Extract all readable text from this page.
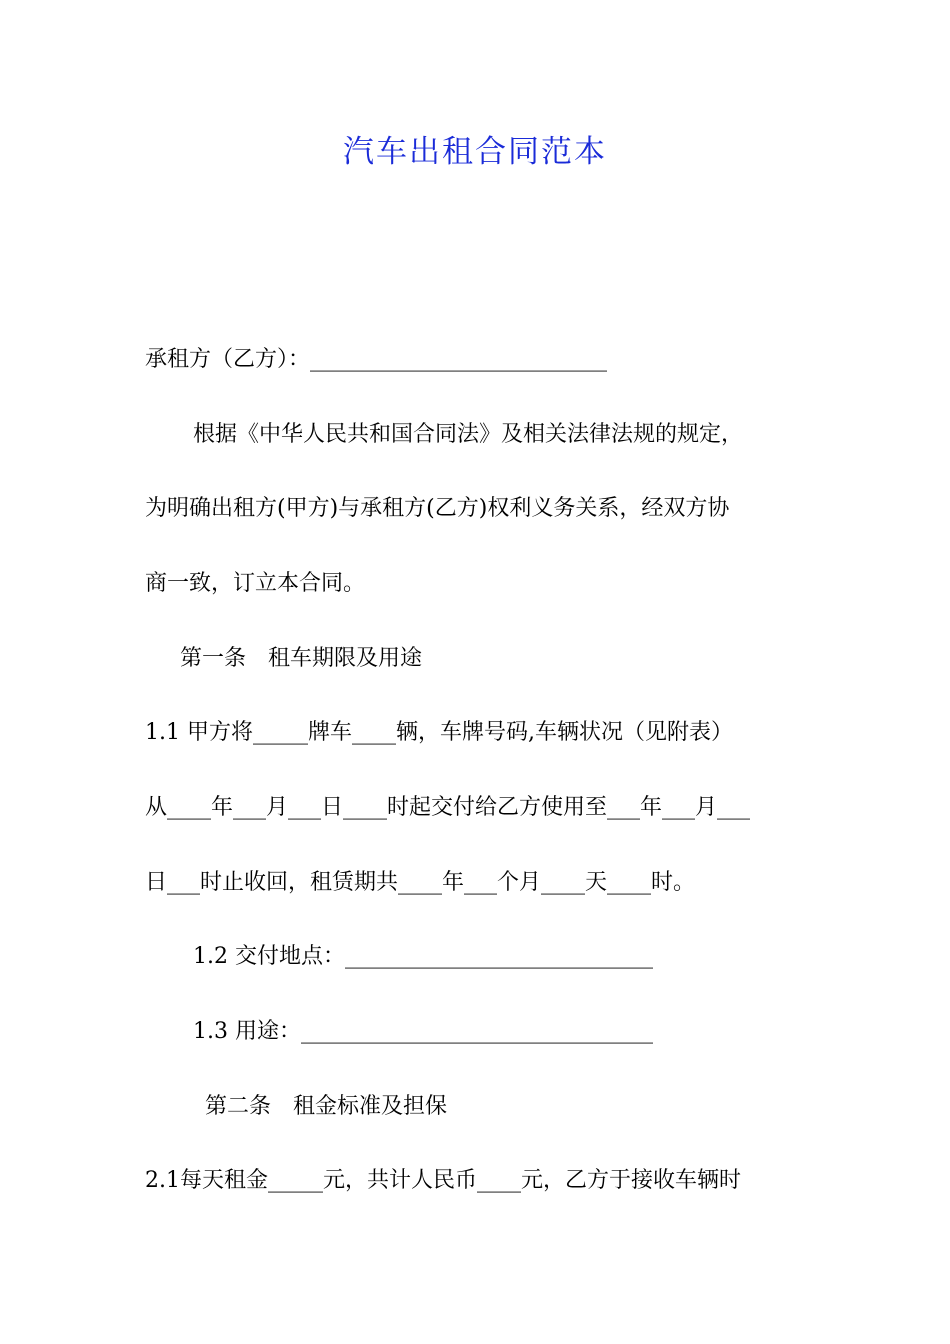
汽车出租合同范本
承租方（乙方）：___________________________
根据《中华人民共和国合同法》及相关法律法规的规定，
为明确出租方(甲方)与承租方(乙方)权利义务关系，经双方协
商一致，订立本合同。
第一条　租车期限及用途
1.1 甲方将_____牌车____辆，车牌号码,车辆状况（见附表）
从____年___月___日____时起交付给乙方使用至___年___月___
日___时止收回，租赁期共____年___个月____天____时。
1.2 交付地点：____________________________
1.3 用途：________________________________
第二条　租金标准及担保
2.1每天租金_____元，共计人民币____元，乙方于接收车辆时
